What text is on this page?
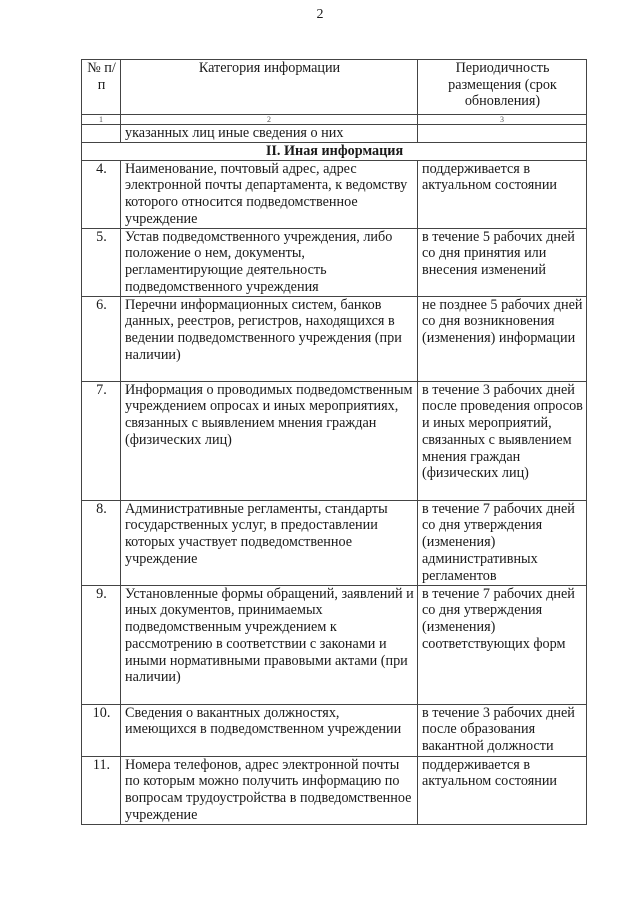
2
№ п/п	Категория информации	Периодичность размещения (срок обновления)
1	2	3
	указанных лиц иные сведения о них	
II. Иная информация		
4.	Наименование, почтовый адрес, адрес электронной почты департамента, к ведомству которого относится подведомственное учреждение	поддерживается в актуальном состоянии
5.	Устав подведомственного учреждения, либо положение о нем, документы, регламентирующие деятельность подведомственного учреждения	в течение 5 рабочих дней со дня принятия или внесения изменений
6.	Перечни информационных систем, банков данных, реестров, регистров, находящихся в ведении подведомственного учреждения (при наличии)	не позднее 5 рабочих дней со дня возникновения (изменения) информации
7.	Информация о проводимых подведомственным учреждением опросах и иных мероприятиях, связанных с выявлением мнения граждан (физических лиц)	в течение 3 рабочих дней после проведения опросов и иных мероприятий, связанных с выявлением мнения граждан (физических лиц)
8.	Административные регламенты, стандарты государственных услуг, в предоставлении которых участвует подведомственное учреждение	в течение 7 рабочих дней со дня утверждения (изменения) административных регламентов
9.	Установленные формы обращений, заявлений и иных документов, принимаемых подведомственным учреждением к рассмотрению в соответствии с законами и иными нормативными правовыми актами (при наличии)	в течение 7 рабочих дней со дня утверждения (изменения) соответствующих форм
10.	Сведения о вакантных должностях, имеющихся в подведомственном учреждении	в течение 3 рабочих дней после образования вакантной должности
11.	Номера телефонов, адрес электронной почты по которым можно получить информацию по вопросам трудоустройства в подведомственное учреждение	поддерживается в актуальном состоянии
